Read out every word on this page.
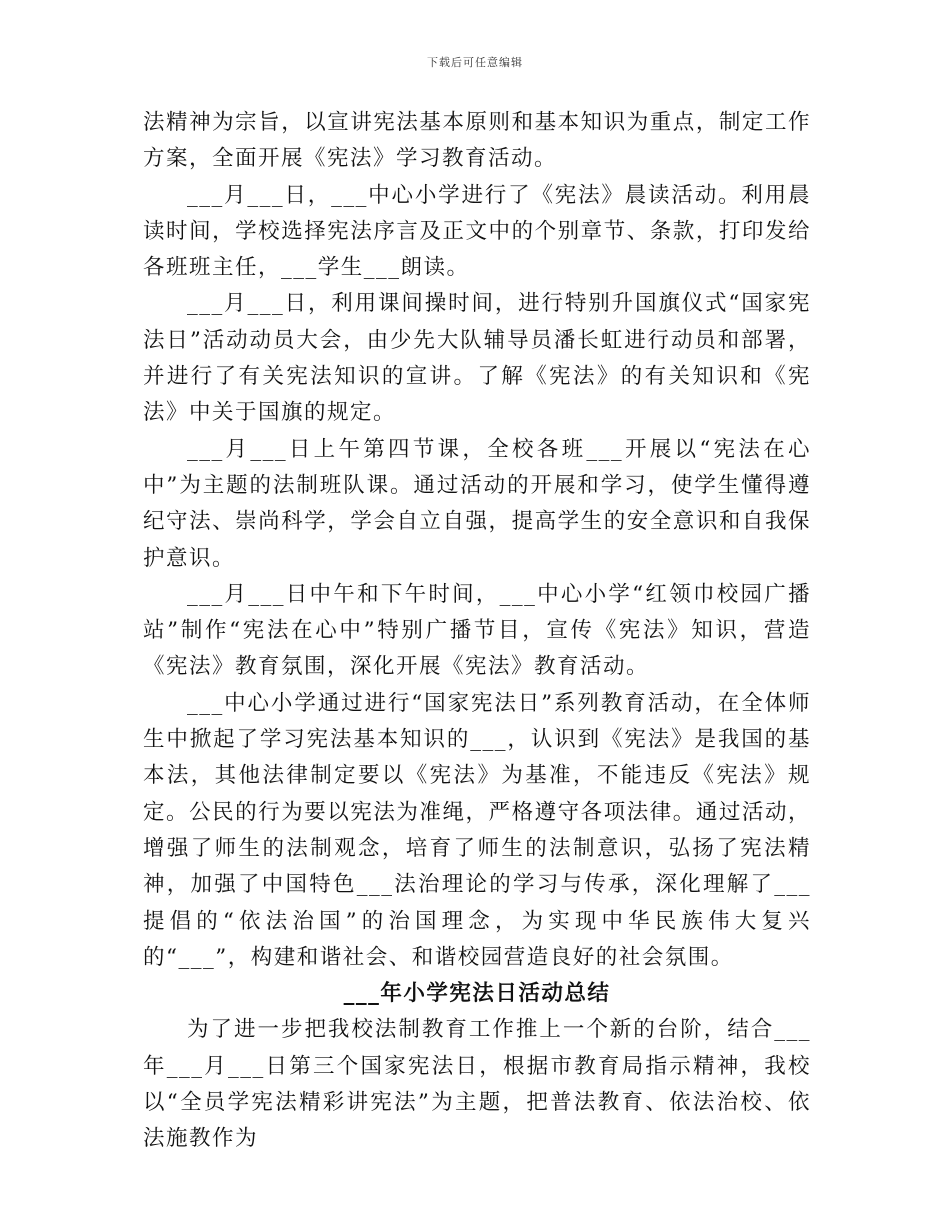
下载后可任意编辑

法精神为宗旨，以宣讲宪法基本原则和基本知识为重点，制定工作方案，全面开展《宪法》学习教育活动。

___月___日，___中心小学进行了《宪法》晨读活动。利用晨读时间，学校选择宪法序言及正文中的个别章节、条款，打印发给各班班主任，___学生___朗读。

___月___日，利用课间操时间，进行特别升国旗仪式“国家宪法日”活动动员大会，由少先大队辅导员潘长虹进行动员和部署，并进行了有关宪法知识的宣讲。了解《宪法》的有关知识和《宪法》中关于国旗的规定。

___月___日上午第四节课，全校各班___开展以“宪法在心中”为主题的法制班队课。通过活动的开展和学习，使学生懂得遵纪守法、崇尚科学，学会自立自强，提高学生的安全意识和自我保护意识。

___月___日中午和下午时间，___中心小学“红领巾校园广播站”制作“宪法在心中”特别广播节目，宣传《宪法》知识，营造《宪法》教育氛围，深化开展《宪法》教育活动。

___中心小学通过进行“国家宪法日”系列教育活动，在全体师生中掀起了学习宪法基本知识的___，认识到《宪法》是我国的基本法，其他法律制定要以《宪法》为基准，不能违反《宪法》规定。公民的行为要以宪法为准绳，严格遵守各项法律。通过活动，增强了师生的法制观念，培育了师生的法制意识，弘扬了宪法精神，加强了中国特色___法治理论的学习与传承，深化理解了___提倡的“依法治国”的治国理念，为实现中华民族伟大复兴的“___”，构建和谐社会、和谐校园营造良好的社会氛围。

___年小学宪法日活动总结

为了进一步把我校法制教育工作推上一个新的台阶，结合___年___月___日第三个国家宪法日，根据市教育局指示精神，我校以“全员学宪法精彩讲宪法”为主题，把普法教育、依法治校、依法施教作为
